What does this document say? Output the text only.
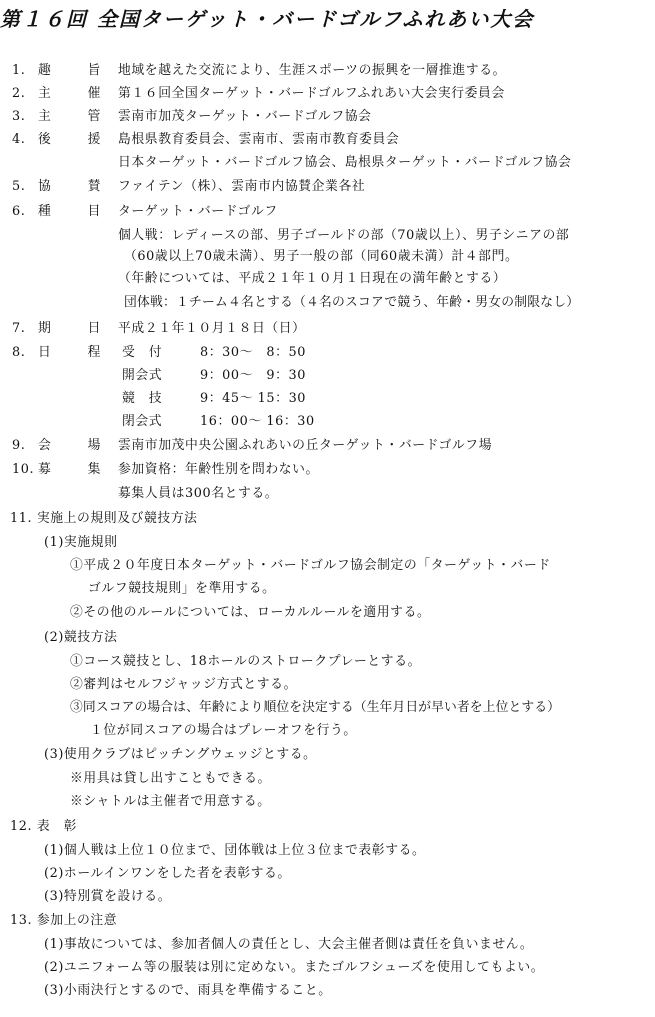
第１６回 全国ターゲット・バードゴルフふれあい大会
1. 趣　旨 地域を越えた交流により、生涯スポーツの振興を一層推進する。
2. 主　催 第１６回全国ターゲット・バードゴルフふれあい大会実行委員会
3. 主　管 雲南市加茂ターゲット・バードゴルフ協会
4. 後　援 島根県教育委員会、雲南市、雲南市教育委員会
日本ターゲット・バードゴルフ協会、島根県ターゲット・バードゴルフ協会
5. 協　賛 ファイテン（株）、雲南市内協賛企業各社
6. 種　目 ターゲット・バードゴルフ
個人戦：レディースの部、男子ゴールドの部（70歳以上）、男子シニアの部
（60歳以上70歳未満）、男子一般の部（同60歳未満）計４部門。
（年齢については、平成２１年１０月１日現在の満年齢とする）
団体戦：１チーム４名とする（４名のスコアで競う、年齢・男女の制限なし）
7. 期　日 平成２１年１０月１８日（日）
8. 日　程 受　付	8：30〜　8：50
開会式	9：00〜　9：30
競　技	9：45〜 15：30
閉会式	16：00〜 16：30
9. 会　場 雲南市加茂中央公園ふれあいの丘ターゲット・バードゴルフ場
10. 募　集 参加資格：年齢性別を問わない。
募集人員は300名とする。
11. 実施上の規則及び競技方法
(1)実施規則
①平成２０年度日本ターゲット・バードゴルフ協会制定の「ターゲット・バード
ゴルフ競技規則」を準用する。
②その他のルールについては、ローカルルールを適用する。
(2)競技方法
①コース競技とし、18ホールのストロークプレーとする。
②審判はセルフジャッジ方式とする。
③同スコアの場合は、年齢により順位を決定する（生年月日が早い者を上位とする）
１位が同スコアの場合はプレーオフを行う。
(3)使用クラブはピッチングウェッジとする。
※用具は貸し出すこともできる。
※シャトルは主催者で用意する。
12. 表　彰
(1)個人戦は上位１０位まで、団体戦は上位３位まで表彰する。
(2)ホールインワンをした者を表彰する。
(3)特別賞を設ける。
13. 参加上の注意
(1)事故については、参加者個人の責任とし、大会主催者側は責任を負いません。
(2)ユニフォーム等の服装は別に定めない。またゴルフシューズを使用してもよい。
(3)小雨決行とするので、雨具を準備すること。
